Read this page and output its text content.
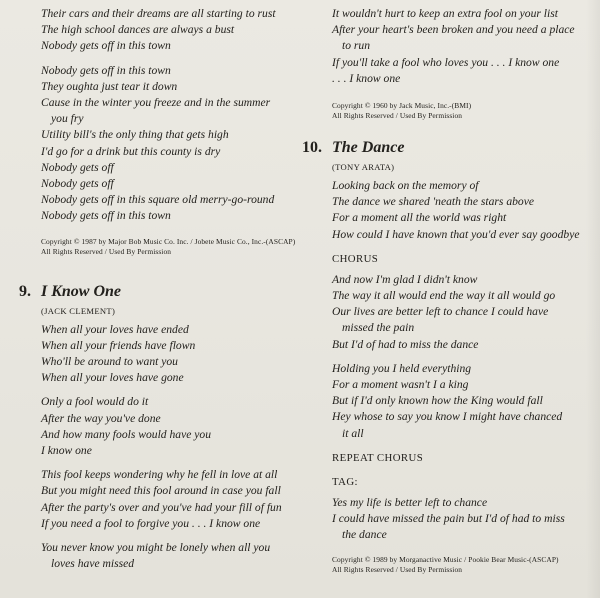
Their cars and their dreams are all starting to rust
The high school dances are always a bust
Nobody gets off in this town
Nobody gets off in this town
They oughta just tear it down
Cause in the winter you freeze and in the summer
you fry
Utility bill's the only thing that gets high
I'd go for a drink but this county is dry
Nobody gets off
Nobody gets off
Nobody gets off in this square old merry-go-round
Nobody gets off in this town
Copyright © 1987 by Major Bob Music Co. Inc. / Jobete Music Co., Inc.-(ASCAP)
All Rights Reserved / Used By Permission
9. I Know One
(JACK CLEMENT)
When all your loves have ended
When all your friends have flown
Who'll be around to want you
When all your loves have gone
Only a fool would do it
After the way you've done
And how many fools would have you
I know one
This fool keeps wondering why he fell in love at all
But you might need this fool around in case you fall
After the party's over and you've had your fill of fun
If you need a fool to forgive you . . . I know one
You never know you might be lonely when all you
loves have missed
It wouldn't hurt to keep an extra fool on your list
After your heart's been broken and you need a place
to run
If you'll take a fool who loves you . . . I know one
. . . I know one
Copyright © 1960 by Jack Music, Inc.-(BMI)
All Rights Reserved / Used By Permission
10. The Dance
(TONY ARATA)
Looking back on the memory of
The dance we shared 'neath the stars above
For a moment all the world was right
How could I have known that you'd ever say goodbye
CHORUS
And now I'm glad I didn't know
The way it all would end the way it all would go
Our lives are better left to chance I could have
missed the pain
But I'd of had to miss the dance
Holding you I held everything
For a moment wasn't I a king
But if I'd only known how the King would fall
Hey whose to say you know I might have chanced
it all
REPEAT CHORUS
TAG:
Yes my life is better left to chance
I could have missed the pain but I'd of had to miss
the dance
Copyright © 1989 by Morganactive Music / Pookie Bear Music-(ASCAP)
All Rights Reserved / Used By Permission
